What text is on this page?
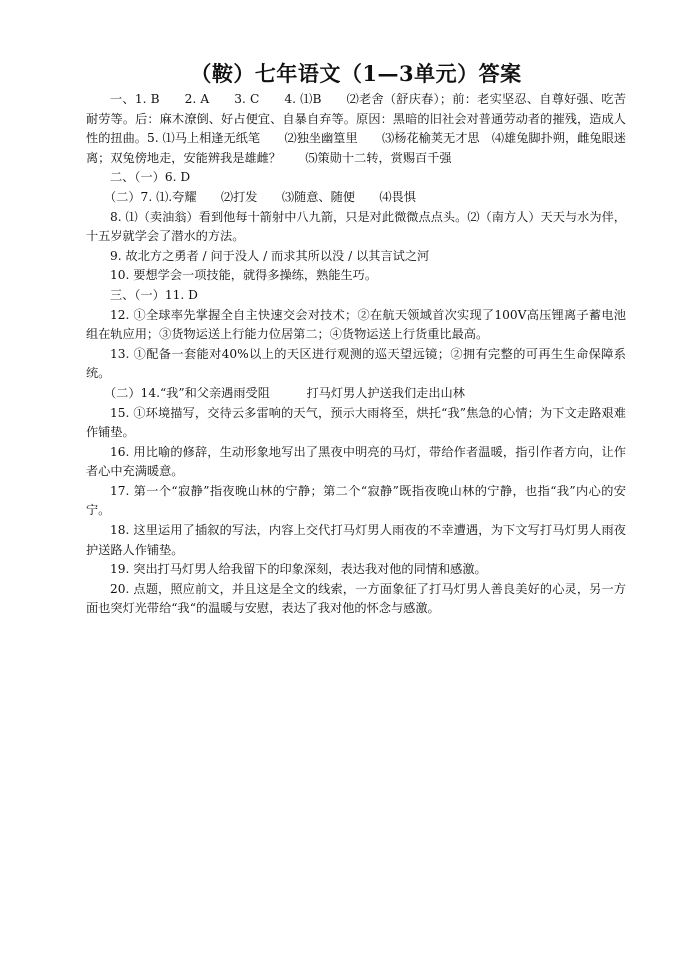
（鞍）七年语文（1—3单元）答案

一、1. B　　2. A　　3. C　　4. ⑴B　　⑵老舍（舒庆春）；前：老实坚忍、自尊好强、吃苦耐劳等。后：麻木潦倒、好占便宜、自暴自弃等。原因：黑暗的旧社会对普通劳动者的摧残，造成人性的扭曲。5. ⑴马上相逢无纸笔　　⑵独坐幽篁里　　⑶杨花榆荚无才思　⑷雄兔脚扑朔，雌兔眼迷离；双兔傍地走，安能辨我是雄雌？　　⑸策勋十二转，赏赐百千强

二、（一）6. D

（二）7. ⑴.夸耀　　⑵打发　　⑶随意、随便　　⑷畏惧

8. ⑴（卖油翁）看到他每十箭射中八九箭，只是对此微微点点头。⑵（南方人）天天与水为伴，十五岁就学会了潜水的方法。

9. 故北方之勇者 / 问于没人 / 而求其所以没 / 以其言试之河

10. 要想学会一项技能，就得多操练，熟能生巧。

三、（一）11. D

12. ①全球率先掌握全自主快速交会对技术；②在航天领域首次实现了100V高压锂离子蓄电池组在轨应用；③货物运送上行能力位居第二；④货物运送上行货重比最高。

13. ①配备一套能对40%以上的天区进行观测的巡天望远镜；②拥有完整的可再生生命保障系统。

（二）14.“我”和父亲遇雨受阻　　　打马灯男人护送我们走出山林

15. ①环境描写，交待云多雷响的天气，预示大雨将至，烘托“我”焦急的心情；为下文走路艰难作铺垫。

16. 用比喻的修辞，生动形象地写出了黑夜中明亮的马灯，带给作者温暖，指引作者方向，让作者心中充满暖意。

17. 第一个“寂静”指夜晚山林的宁静；第二个“寂静”既指夜晚山林的宁静，也指“我”内心的安宁。

18. 这里运用了插叙的写法，内容上交代打马灯男人雨夜的不幸遭遇，为下文写打马灯男人雨夜护送路人作铺垫。

19. 突出打马灯男人给我留下的印象深刻，表达我对他的同情和感激。

20. 点题，照应前文，并且这是全文的线索，一方面象征了打马灯男人善良美好的心灵，另一方面也突灯光带给“我“的温暖与安慰，表达了我对他的怀念与感激。
